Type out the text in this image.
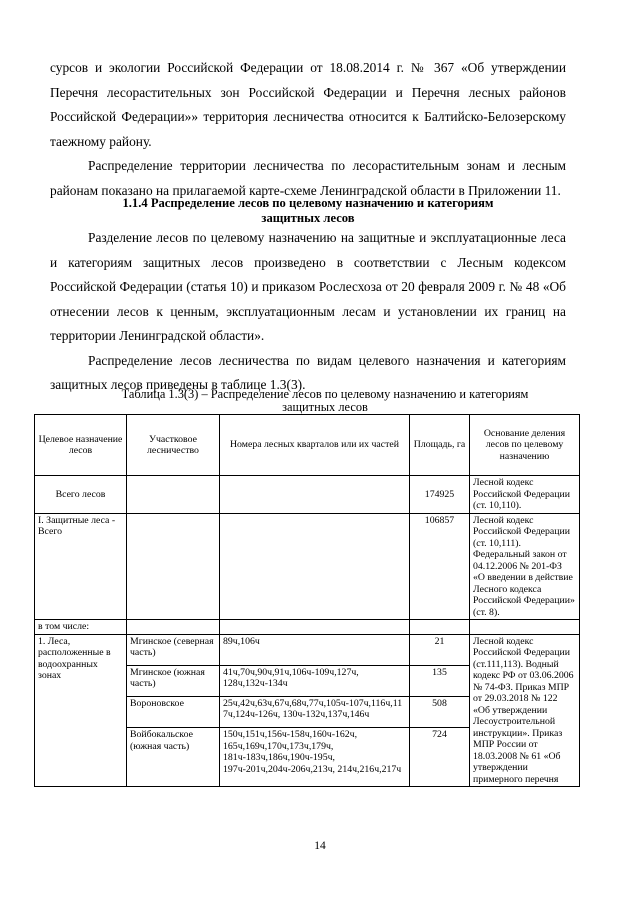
сурсов и экологии Российской Федерации от 18.08.2014 г. № 367 «Об утверждении Перечня лесорастительных зон Российской Федерации и Перечня лесных районов Российской Федерации»» территория лесничества относится к Балтийско-Белозерскому таежному району.

Распределение территории лесничества по лесорастительным зонам и лесным районам показано на прилагаемой карте-схеме Ленинградской области в Приложении 11.

1.1.4 Распределение лесов по целевому назначению и категориям
защитных лесов

Разделение лесов по целевому назначению на защитные и эксплуатационные леса и категориям защитных лесов произведено в соответствии с Лесным кодексом Российской Федерации (статья 10) и приказом Рослесхоза от 20 февраля 2009 г. № 48 «Об отнесении лесов к ценным, эксплуатационным лесам и установлении их границ на территории Ленинградской области».

Распределение лесов лесничества по видам целевого назначения и категориям защитных лесов приведены в таблице 1.3(3).

Таблица 1.3(3) – Распределение лесов по целевому назначению и категориям
защитных лесов

Целевое назначение лесов	Участковое лесничество	Номера лесных кварталов или их частей	Площадь, га	Основание деления лесов по целевому назначению
Всего лесов			174925	Лесной кодекс Российской Федерации (ст. 10,110).
I. Защитные леса - Всего			106857	Лесной кодекс Российской Федерации (ст. 10,111). Федеральный закон от 04.12.2006 № 201-ФЗ «О введении в действие Лесного кодекса Российской Федерации» (ст. 8).
в том числе:				
1. Леса, расположенные в водоохранных зонах	Мгинское (северная часть)	89ч,106ч	21	Лесной кодекс Российской Федерации (ст.111,113). Водный кодекс РФ от 03.06.2006 № 74-ФЗ. Приказ МПР от 29.03.2018 № 122 «Об утверждении Лесоустроительной инструкции». Приказ МПР России от 18.03.2008 № 61 «Об утверждении примерного перечня
	Мгинское (южная часть)	41ч,70ч,90ч,91ч,106ч-109ч,127ч, 128ч,132ч-134ч	135	
	Вороновское	25ч,42ч,63ч,67ч,68ч,77ч,105ч-107ч,116ч,117ч,124ч-126ч, 130ч-132ч,137ч,146ч	508	
	Войбокальское (южная часть)	150ч,151ч,156ч-158ч,160ч-162ч, 165ч,169ч,170ч,173ч,179ч, 181ч-183ч,186ч,190ч-195ч, 197ч-201ч,204ч-206ч,213ч, 214ч,216ч,217ч	724	
14
